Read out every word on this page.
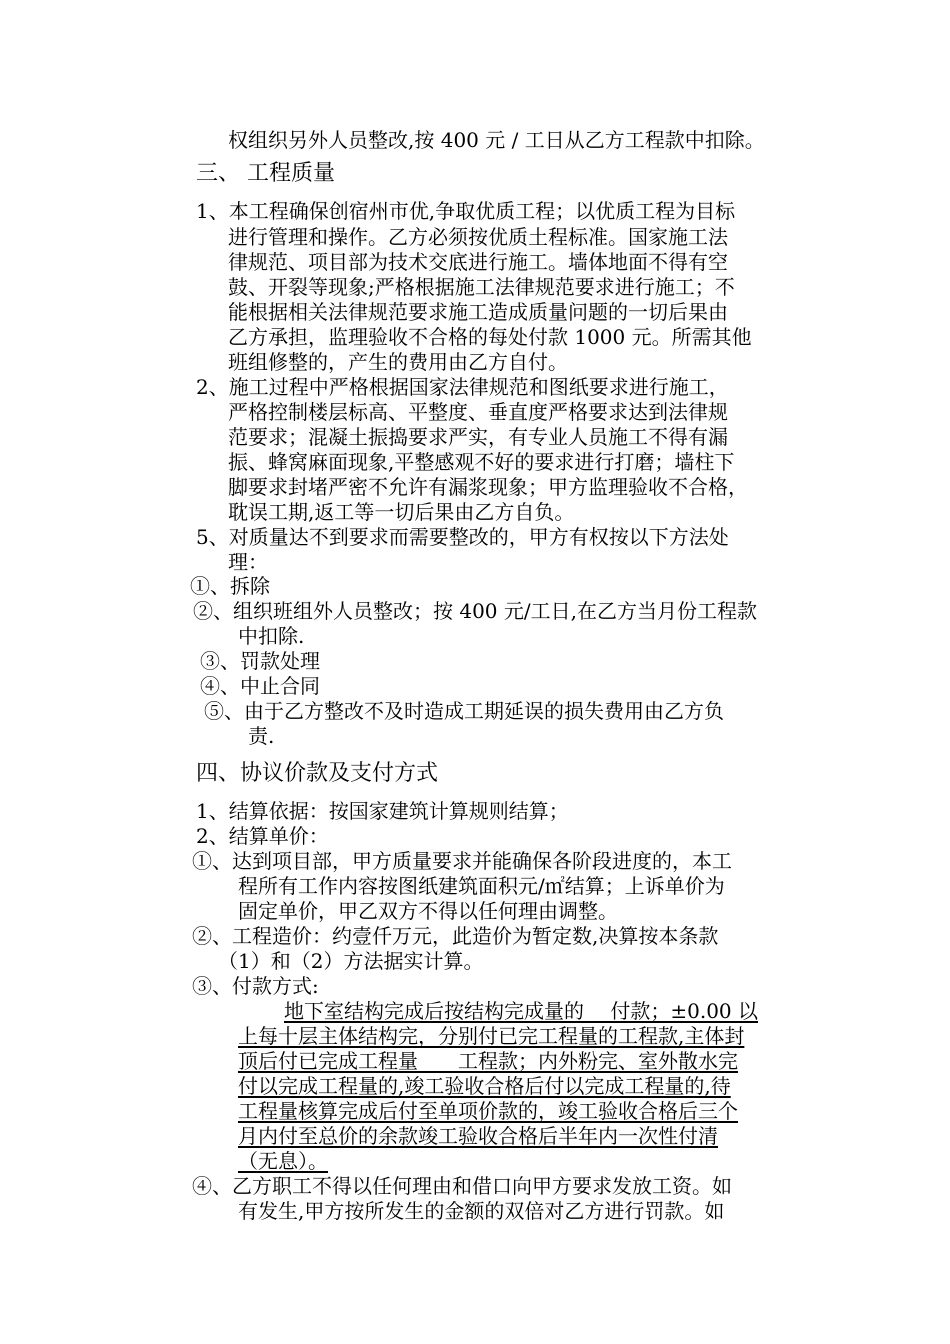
权组织另外人员整改,按 400 元 / 工日从乙方工程款中扣除。
三、 工程质量
1、本工程确保创宿州市优,争取优质工程；以优质工程为目标
进行管理和操作。乙方必须按优质土程标准。国家施工法
律规范、项目部为技术交底进行施工。墙体地面不得有空
鼓、开裂等现象;严格根据施工法律规范要求进行施工；不
能根据相关法律规范要求施工造成质量问题的一切后果由
乙方承担，监理验收不合格的每处付款 1000 元。所需其他
班组修整的，产生的费用由乙方自付。
2、施工过程中严格根据国家法律规范和图纸要求进行施工，
严格控制楼层标高、平整度、垂直度严格要求达到法律规
范要求；混凝土振捣要求严实，有专业人员施工不得有漏
振、蜂窝麻面现象,平整感观不好的要求进行打磨；墙柱下
脚要求封堵严密不允许有漏浆现象；甲方监理验收不合格，
耽误工期,返工等一切后果由乙方自负。
5、对质量达不到要求而需要整改的，甲方有权按以下方法处
理：
①、拆除
②、组织班组外人员整改；按 400 元/工日,在乙方当月份工程款
中扣除.
③、罚款处理
④、中止合同
⑤、由于乙方整改不及时造成工期延误的损失费用由乙方负
责.
四、协议价款及支付方式
1、结算依据：按国家建筑计算规则结算；
2、结算单价：
①、达到项目部，甲方质量要求并能确保各阶段进度的，本工
程所有工作内容按图纸建筑面积元/㎡结算；上诉单价为
固定单价，甲乙双方不得以任何理由调整。
②、工程造价：约壹仟万元，此造价为暂定数,决算按本条款
（1）和（2）方法据实计算。
③、付款方式:
地下室结构完成后按结构完成量的　 付款；±0.00 以
上每十层主体结构完，分别付已完工程量的工程款,主体封
顶后付已完成工程量　　工程款；内外粉完、室外散水完
付以完成工程量的,竣工验收合格后付以完成工程量的,待
工程量核算完成后付至单项价款的，竣工验收合格后三个
月内付至总价的余款竣工验收合格后半年内一次性付清
（无息）。
④、乙方职工不得以任何理由和借口向甲方要求发放工资。如
有发生,甲方按所发生的金额的双倍对乙方进行罚款。如
